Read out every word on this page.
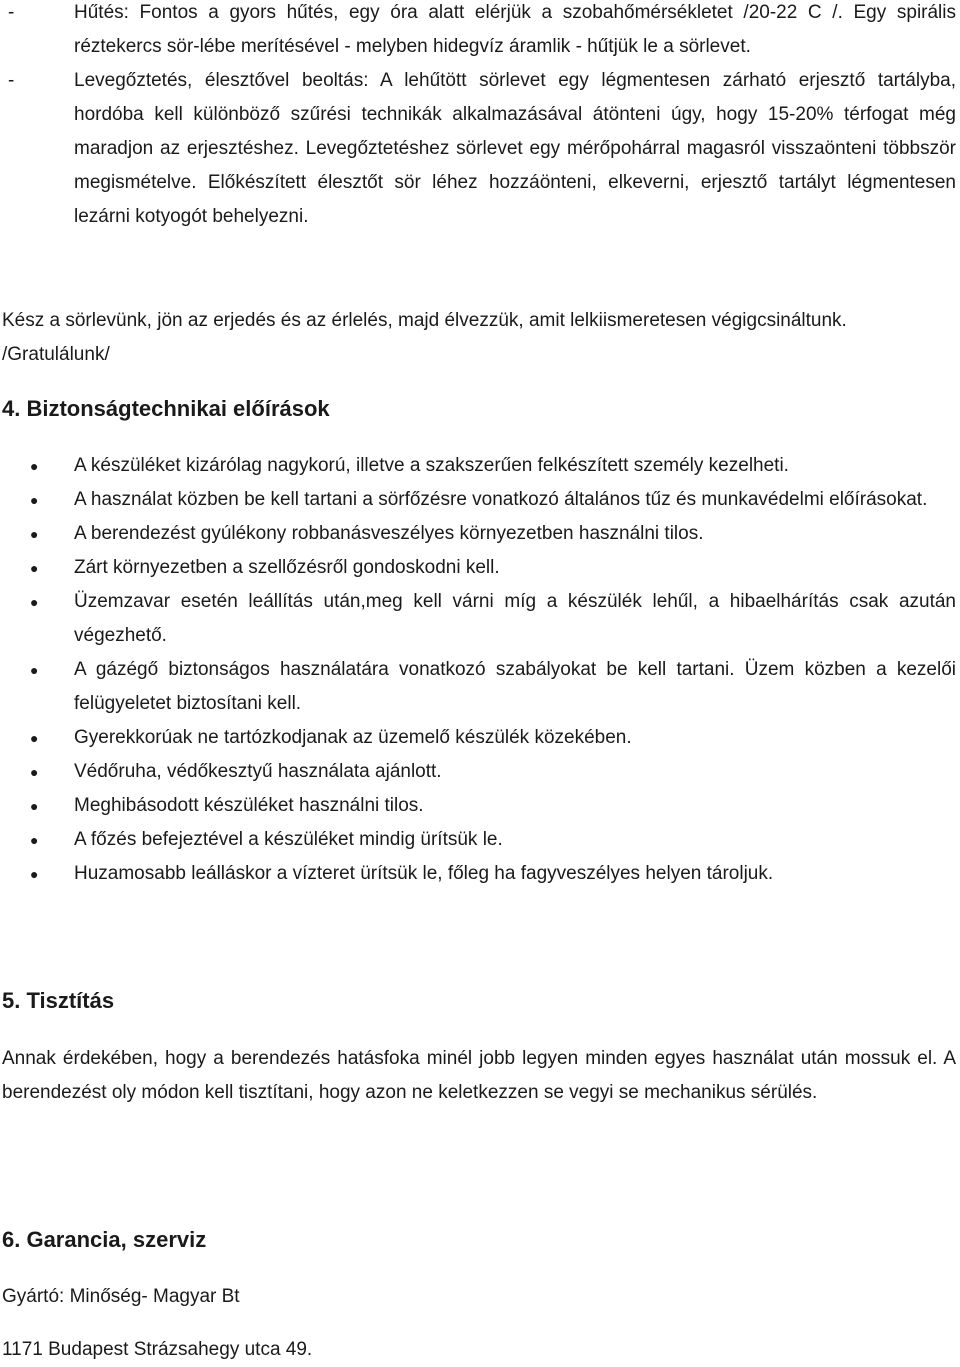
-	Hűtés: Fontos a gyors hűtés, egy óra alatt elérjük a szobahőmérsékletet /20-22 C /. Egy spirális réztekercs sör-lébe merítésével - melyben hidegvíz áramlik - hűtjük le a sörlevet.
-	Levegőztetés, élesztővel beoltás: A lehűtött sörlevet egy légmentesen zárható erjesztő tartályba, hordóba kell különböző szűrési technikák alkalmazásával átönteni úgy, hogy 15-20% térfogat még maradjon az erjesztéshez. Levegőztetéshez sörlevet egy mérőpohárral magasról visszaönteni többször megismételve. Előkészített élesztőt sör léhez hozzáönteni, elkeverni, erjesztő tartályt légmentesen lezárni kotyogót behelyezni.
Kész a sörlevünk, jön az erjedés és az érlelés, majd élvezzük, amit lelkiismeretesen végigcsináltunk. /Gratulálunk/
4. Biztonságtechnikai előírások
●	A készüléket kizárólag nagykorú, illetve a szakszerűen felkészített személy kezelheti.
●	A használat közben be kell tartani a sörfőzésre vonatkozó általános tűz és munkavédelmi előírásokat.
●	A berendezést gyúlékony robbanásveszélyes környezetben használni tilos.
●	Zárt környezetben a szellőzésről gondoskodni kell.
●	Üzemzavar esetén leállítás után,meg kell várni míg a készülék lehűl, a hibaelhárítás csak azután végezhető.
●	A gázégő biztonságos használatára vonatkozó szabályokat be kell tartani. Üzem közben a kezelői felügyeletet biztosítani kell.
●	Gyerekkorúak ne tartózkodjanak az üzemelő készülék közekében.
●	Védőruha, védőkesztyű használata ajánlott.
●	Meghibásodott készüléket használni tilos.
●	A főzés befejeztével a készüléket mindig ürítsük le.
●	Huzamosabb leálláskor a vízteret ürítsük le, főleg ha fagyveszélyes helyen tároljuk.
5. Tisztítás
Annak érdekében, hogy a berendezés hatásfoka minél jobb legyen minden egyes használat után mossuk el. A berendezést oly módon kell tisztítani, hogy azon ne keletkezzen se vegyi se mechanikus sérülés.
6. Garancia, szerviz
Gyártó: Minőség- Magyar Bt
1171 Budapest Strázsahegy utca 49.
